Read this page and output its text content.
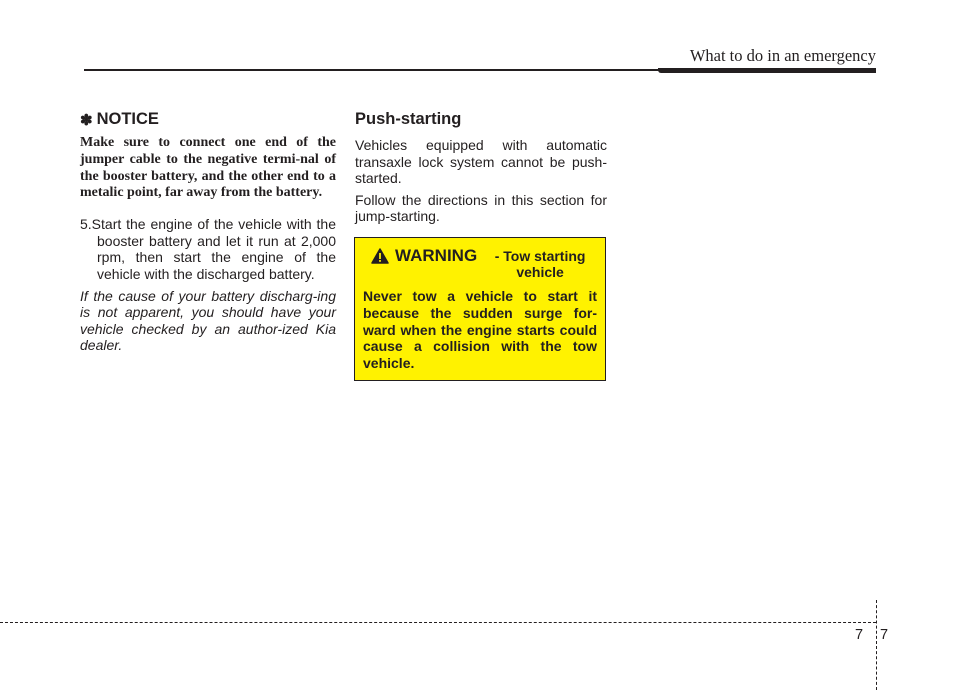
What to do in an emergency
✽ NOTICE

Make sure to connect one end of the jumper cable to the negative termi-nal of the booster battery, and the other end to a metalic point, far away from the battery.

5.Start the engine of the vehicle with the booster battery and let it run at 2,000 rpm, then start the engine of the vehicle with the discharged battery.

If the cause of your battery discharg-ing is not apparent, you should have your vehicle checked by an author-ized Kia dealer.

Push-starting

Vehicles equipped with automatic transaxle lock system cannot be push-started.

Follow the directions in this section for jump-starting.

WARNING	- Tow starting vehicle
Never tow a vehicle to start it because the sudden surge for-ward when the engine starts could cause a collision with the tow vehicle.
7 7
